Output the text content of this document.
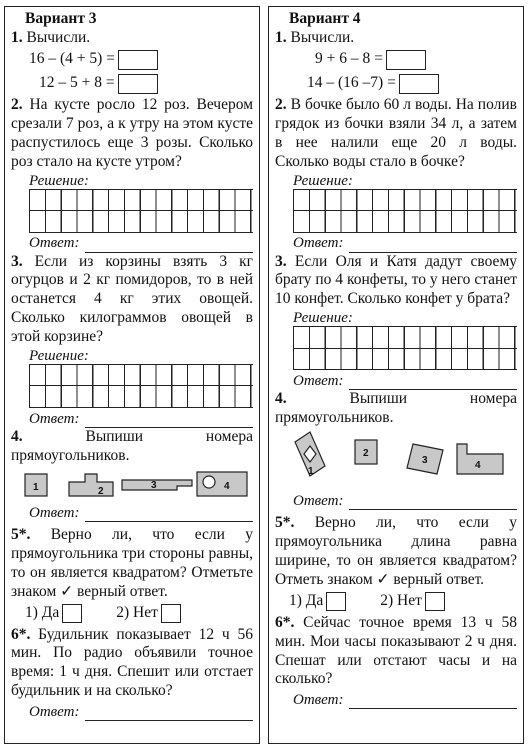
Вариант 3
1. Вычисли.
16 – (4 + 5) =
12 – 5 + 8 =

2. На кусте росло 12 роз. Вечером срезали 7 роз, а к утру на этом кусте распустилось еще 3 розы. Сколько роз стало на кусте утром?

Решение:
Ответ:

3. Если из корзины взять 3 кг огурцов и 2 кг помидоров, то в ней останется 4 кг этих овощей. Сколько килограммов овощей в этой корзине?

Решение:
Ответ:

4. Выпиши номера прямоугольников.

1	2
3	4
Ответ:

5*. Верно ли, что если у прямоугольника три стороны равны, то он является квадратом? Отметьте знаком ✓ верный ответ.

1) Да	2) Нет

6*. Будильник показывает 12 ч 56 мин. По радио объявили точное время: 1 ч дня. Спешит или отстает будильник и на сколько?

Ответ:
Вариант 4
1. Вычисли.
9 + 6 – 8 =
14 – (16 –7) =

2. В бочке было 60 л воды. На полив грядок из бочки взяли 34 л, а затем в нее налили еще 20 л воды. Сколько воды стало в бочке?

Решение:
Ответ:

3. Если Оля и Катя дадут своему брату по 4 конфеты, то у него станет 10 конфет. Сколько конфет у брата?

Решение:
Ответ:

4. Выпиши номера прямоугольников.

1
2
3	4
Ответ:

5*. Верно ли, что если у прямоугольника длина равна ширине, то он является квадратом? Отметь знаком ✓ верный ответ.

1) Да	2) Нет

6*. Сейчас точное время 13 ч 58 мин. Мои часы показывают 2 ч дня. Спешат или отстают часы и на сколько?

Ответ:
